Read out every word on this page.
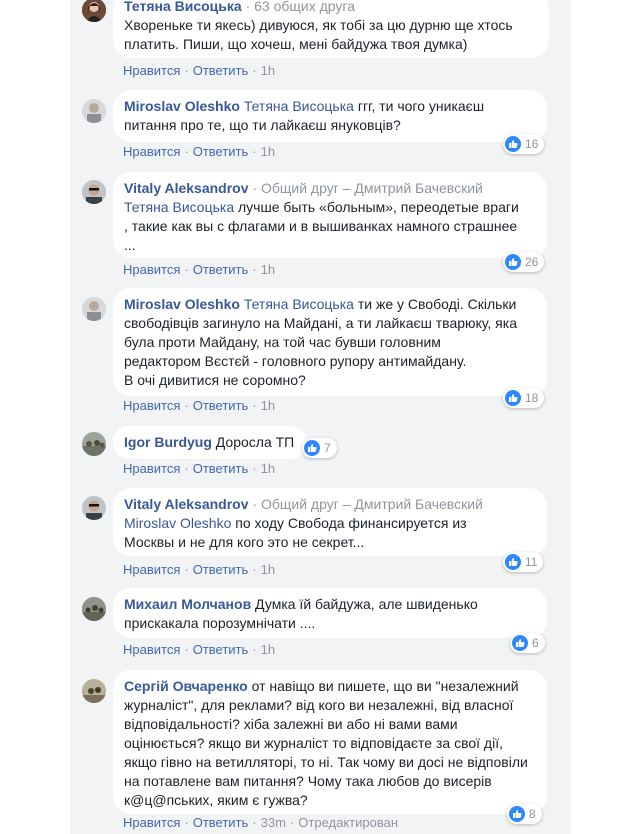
Тетяна Висоцька · 63 общих друга
Хворенькe ти якесь) дивуюся, як тобі за цю дурню ще хтось
платить. Пиши, що хочеш, мені байдужа твоя думка)
Нравится · Ответить · 1h
Miroslav Oleshko Тетяна Висоцька ггг, ти чого уникаєш
питання про те, що ти лайкаєш януковців?
16
Нравится · Ответить · 1h
Vitaly Aleksandrov · Общий друг – Дмитрий Бачевский
Тетяна Висоцька лучше быть «больным», переодетые враги
, такие как вы с флагами и в вышиванках намного страшнее
...
26
Нравится · Ответить · 1h
Miroslav Oleshko Тетяна Висоцька ти же у Свободі. Скільки
свободівців загинуло на Майдані, а ти лайкаєш тварюку, яка
була проти Майдану, на той час бувши головним
редактором Вєстєй - головного рупору антимайдану.
В очі дивитися не соромно?
18
Нравится · Ответить · 1h
Igor Burdyug Доросла ТП	7
Нравится · Ответить · 1h
Vitaly Aleksandrov · Общий друг – Дмитрий Бачевский
Miroslav Oleshko по ходу Свобода финансируется из
Москвы и не для кого это не секрет...
11
Нравится · Ответить · 1h
Михаил Молчанов Думка їй байдужа, але швиденько
прискакала порозумнічати ....
6
Нравится · Ответить · 1h
Сергій Овчаренко от навіщо ви пишете, що ви "незалежний
журналіст", для реклами? від кого ви незалежні, від власної
відповідальності? хіба залежні ви або ні вами вами
оцінюється? якщо ви журналіст то відповідаєте за свої дії,
якщо гівно на ветилляторі, то ні. Так чому ви досі не відповіли
на потавлене вам питання? Чому така любов до висерів
к@ц@пських, яким є гужва?
8
Нравится · Ответить · 33m · Отредактирован
